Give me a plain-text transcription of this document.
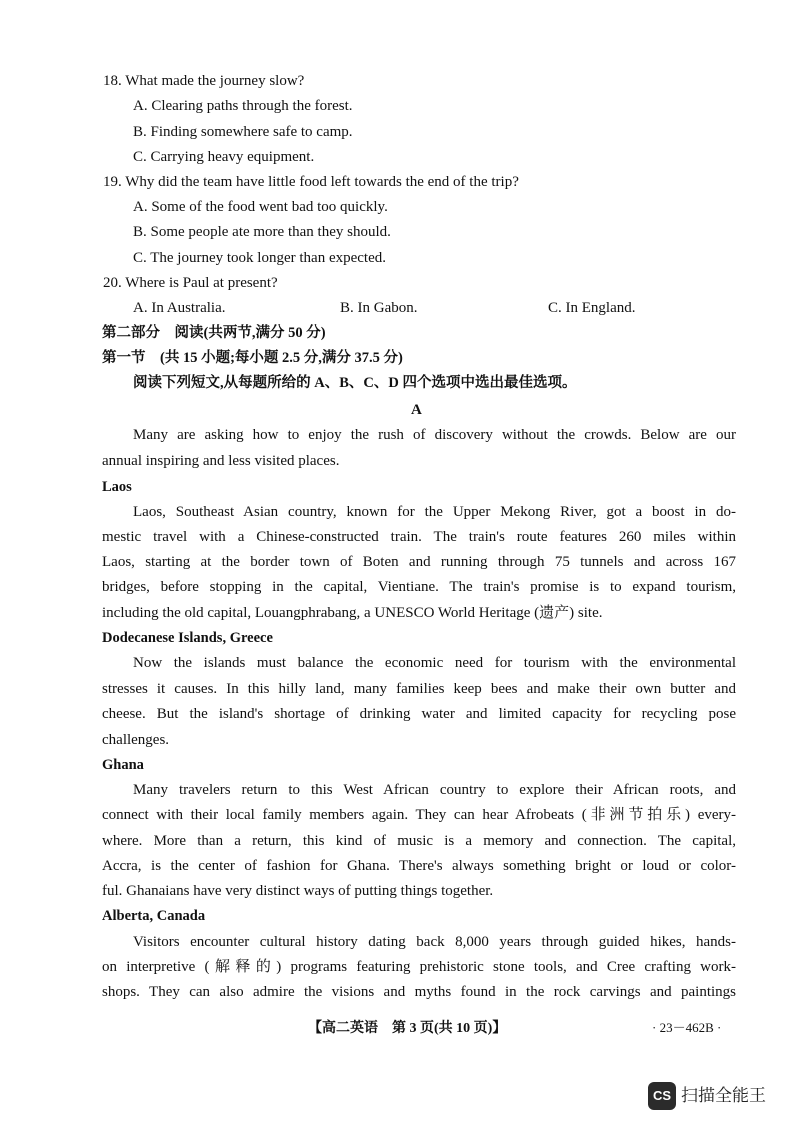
18. What made the journey slow?
A. Clearing paths through the forest.
B. Finding somewhere safe to camp.
C. Carrying heavy equipment.
19. Why did the team have little food left towards the end of the trip?
A. Some of the food went bad too quickly.
B. Some people ate more than they should.
C. The journey took longer than expected.
20. Where is Paul at present?
A. In Australia.	B. In Gabon.	C. In England.
第二部分　阅读(共两节,满分 50 分)
第一节　(共 15 小题;每小题 2.5 分,满分 37.5 分)
阅读下列短文,从每题所给的 A、B、C、D 四个选项中选出最佳选项。
A
Many are asking how to enjoy the rush of discovery without the crowds. Below are our
annual inspiring and less visited places.
Laos
Laos, Southeast Asian country, known for the Upper Mekong River, got a boost in do-
mestic travel with a Chinese-constructed train. The train's route features 260 miles within
Laos, starting at the border town of Boten and running through 75 tunnels and across 167
bridges, before stopping in the capital, Vientiane. The train's promise is to expand tourism,
including the old capital, Louangphrabang, a UNESCO World Heritage (遗产) site.
Dodecanese Islands, Greece
Now the islands must balance the economic need for tourism with the environmental
stresses it causes. In this hilly land, many families keep bees and make their own butter and
cheese. But the island's shortage of drinking water and limited capacity for recycling pose
challenges.
Ghana
Many travelers return to this West African country to explore their African roots, and
connect with their local family members again. They can hear Afrobeats (非洲节拍乐) every-
where. More than a return, this kind of music is a memory and connection. The capital,
Accra, is the center of fashion for Ghana. There's always something bright or loud or color-
ful. Ghanaians have very distinct ways of putting things together.
Alberta, Canada
Visitors encounter cultural history dating back 8,000 years through guided hikes, hands-
on interpretive (解释的) programs featuring prehistoric stone tools, and Cree crafting work-
shops. They can also admire the visions and myths found in the rock carvings and paintings
【高二英语　第 3 页(共 10 页)】	· 23－462B ·
CS 扫描全能王
